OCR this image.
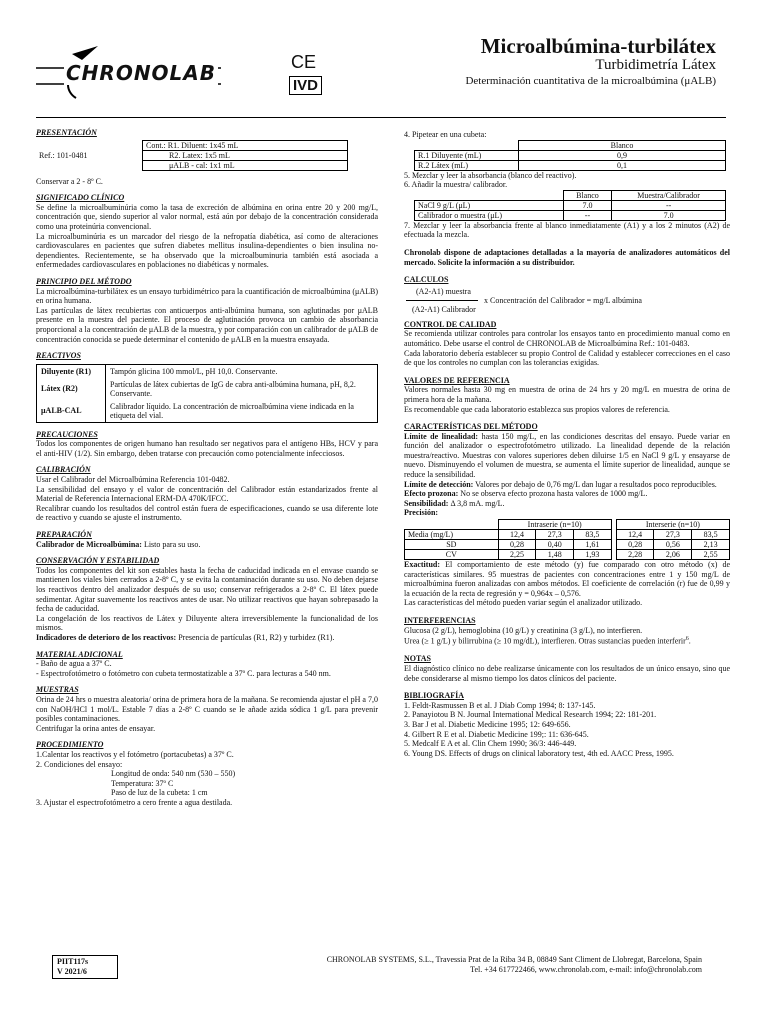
CHRONOLAB	CE
IVD
Microalbúmina-turbilátex
Turbidimetría Látex
Determinación cuantitativa de la microalbúmina (μALB)
PRESENTACIÓN
Ref.: 101-0481	Cont.: R1. Diluent: 1x45 mL
R2. Latex: 1x5 mL
μALB - cal: 1x1 mL

Conservar a 2 - 8º C.

SIGNIFICADO CLÍNICO

Se define la microalbuminúria como la tasa de excreción de albúmina en orina entre 20 y 200 mg/L, concentración que, siendo superior al valor normal, está aún por debajo de la concentración considerada como una proteinúria convencional.

La microalbuminúria es un marcador del riesgo de la nefropatía diabética, así como de alteraciones cardiovasculares en pacientes que sufren diabetes mellitus insulina-dependientes o bien insulina no-dependientes. Recientemente, se ha observado que la microalbuminuria también está asociada a enfermedades cardiovasculares en poblaciones no diabéticas y normales.

PRINCIPIO DEL MÉTODO

La microalbúmina-turbilátex es un ensayo turbidimétrico para la cuantificación de microalbúmina (μALB) en orina humana.

Las partículas de látex recubiertas con anticuerpos anti-albúmina humana, son aglutinadas por μALB presente en la muestra del paciente. El proceso de aglutinación provoca un cambio de absorbancia proporcional a la concentración de μALB de la muestra, y por comparación con un calibrador de μALB de concentración conocida se puede determinar el contenido de μALB en la muestra ensayada.

REACTIVOS
Diluyente (R1)	Tampón glicina 100 mmol/L, pH 10,0. Conservante.
Látex (R2)	Partículas de látex cubiertas de IgG de cabra anti-albúmina humana, pH, 8,2. Conservante.
μALB-CAL	Calibrador líquido. La concentración de microalbúmina viene indicada en la etiqueta del vial.
PRECAUCIONES

Todos los componentes de origen humano han resultado ser negativos para el antígeno HBs, HCV y para el anti-HIV (1/2). Sin embargo, deben tratarse con precaución como potencialmente infecciosos.

CALIBRACIÓN

Usar el Calibrador del Microalbúmina Referencia 101-0482.

La sensibilidad del ensayo y el valor de concentración del Calibrador están estandarizados frente al Material de Referencia Internacional ERM-DA 470K/IFCC.

Recalibrar cuando los resultados del control están fuera de especificaciones, cuando se usa diferente lote de reactivo y cuando se ajuste el instrumento.

PREPARACIÓN

Calibrador de Microalbúmina: Listo para su uso.

CONSERVACIÓN Y ESTABILIDAD

Todos los componentes del kit son estables hasta la fecha de caducidad indicada en el envase cuando se mantienen los viales bien cerrados a 2-8º C, y se evita la contaminación durante su uso. No deben dejarse los reactivos dentro del analizador después de su uso; conservar refrigerados a 2-8º C. El látex puede sedimentar. Agitar suavemente los reactivos antes de usar. No utilizar reactivos que hayan sobrepasado la fecha de caducidad.

La congelación de los reactivos de Látex y Diluyente altera irreversiblemente la funcionalidad de los mismos.

Indicadores de deterioro de los reactivos: Presencia de partículas (R1, R2) y turbidez (R1).

MATERIAL ADICIONAL

- Baño de agua a 37º C.

- Espectrofotómetro o fotómetro con cubeta termostatizable a 37º C. para lecturas a 540 nm.

MUESTRAS

Orina de 24 hrs o muestra aleatoria/ orina de primera hora de la mañana. Se recomienda ajustar el pH a 7,0 con NaOH/HCl 1 mol/L. Estable 7 días a 2-8º C cuando se le añade azida sódica 1 g/L para prevenir posibles contaminaciones.

Centrifugar la orina antes de ensayar.

PROCEDIMIENTO

1.Calentar los reactivos y el fotómetro (portacubetas) a 37º C.

2. Condiciones del ensayo:

Longitud de onda: 540 nm (530 – 550)

Temperatura: 37º C

Paso de luz de la cubeta: 1 cm

3. Ajustar el espectrofotómetro a cero frente a agua destilada.

4. Pipetear en una cubeta:

	Blanco
R.1 Diluyente (mL)	0,9
R.2 Látex (mL)	0,1

5. Mezclar y leer la absorbancia (blanco del reactivo).

6. Añadir la muestra/ calibrador.

	Blanco	Muestra/Calibrador
NaCl 9 g/L (μL)	7.0	--
Calibrador o muestra (μL)	--	7.0

7. Mezclar y leer la absorbancia frente al blanco inmediatamente (A1) y a los 2 minutos (A2) de efectuada la mezcla.

Chronolab dispone de adaptaciones detalladas a la mayoría de analizadores automáticos del mercado. Solicite la información a su distribuidor.

CALCULOS
(A2-A1) muestra
(A2-A1) Calibrador
x Concentración del Calibrador = mg/L albúmina
CONTROL DE CALIDAD

Se recomienda utilizar controles para controlar los ensayos tanto en procedimiento manual como en automático. Debe usarse el control de CHRONOLAB de Microalbúmina Ref.: 101-0483.

Cada laboratorio debería establecer su propio Control de Calidad y establecer correcciones en el caso de que los controles no cumplan con las tolerancias exigidas.

VALORES DE REFERENCIA

Valores normales hasta 30 mg en muestra de orina de 24 hrs y 20 mg/L en muestra de orina de primera hora de la mañana.

Es recomendable que cada laboratorio establezca sus propios valores de referencia.

CARACTERÍSTICAS DEL MÉTODO

Límite de linealidad: hasta 150 mg/L, en las condiciones descritas del ensayo. Puede variar en función del analizador o espectrofotómetro utilizado. La linealidad depende de la relación muestra/reactivo. Muestras con valores superiores deben diluirse 1/5 en NaCl 9 g/L y ensayarse de nuevo. Disminuyendo el volumen de muestra, se aumenta el límite superior de linealidad, aunque se reduce la sensibilidad.

Límite de detección: Valores por debajo de 0,76 mg/L dan lugar a resultados poco reproducibles.

Efecto prozona: No se observa efecto prozona hasta valores de 1000 mg/L.

Sensibilidad: Δ 3,8 mA. mg/L.

Precisión:

	Intraserie (n=10)				Interserie (n=10)		
Media (mg/L)	12,4	27,3	83,5		12,4	27,3	83,5
SD	0,28	0,40	1,61		0,28	0,56	2,13
CV	2,25	1,48	1,93		2,28	2,06	2,55

Exactitud: El comportamiento de este método (y) fue comparado con otro método (x) de características similares. 95 muestras de pacientes con concentraciones entre 1 y 150 mg/L de microalbúmina fueron analizadas con ambos métodos. El coeficiente de correlación (r) fue de 0,99 y la ecuación de la recta de regresión y = 0,964x – 0,576.

Las características del método pueden variar según el analizador utilizado.

INTERFERENCIAS

Glucosa (2 g/L), hemoglobina (10 g/L) y creatinina (3 g/L), no interfieren.

Urea (≥ 1 g/L) y bilirrubina (≥ 10 mg/dL), interfieren. Otras sustancias pueden interferir$^6$.

NOTAS

El diagnóstico clínico no debe realizarse únicamente con los resultados de un único ensayo, sino que debe considerarse al mismo tiempo los datos clínicos del paciente.

BIBLIOGRAFÍA

1. Feldt-Rasmussen B et al. J Diab Comp 1994; 8: 137-145.

2. Panayiotou B N. Journal International Medical Research 1994; 22: 181-201.

3. Bar J et al. Diabetic Medicine 1995; 12: 649-656.

4. Gilbert R E et al. Diabetic Medicine 199;: 11: 636-645.

5. Medcalf E A et al. Clin Chem 1990; 36/3: 446-449.

6. Young DS. Effects of drugs on clinical laboratory test, 4th ed. AACC Press, 1995.

PIIT117s
V 2021/6
CHRONOLAB SYSTEMS, S.L., Travessia Prat de la Riba 34 B, 08849 Sant Climent de Llobregat, Barcelona, Spain
Tel. +34 617722466, www.chronolab.com, e-mail: info@chronolab.com
